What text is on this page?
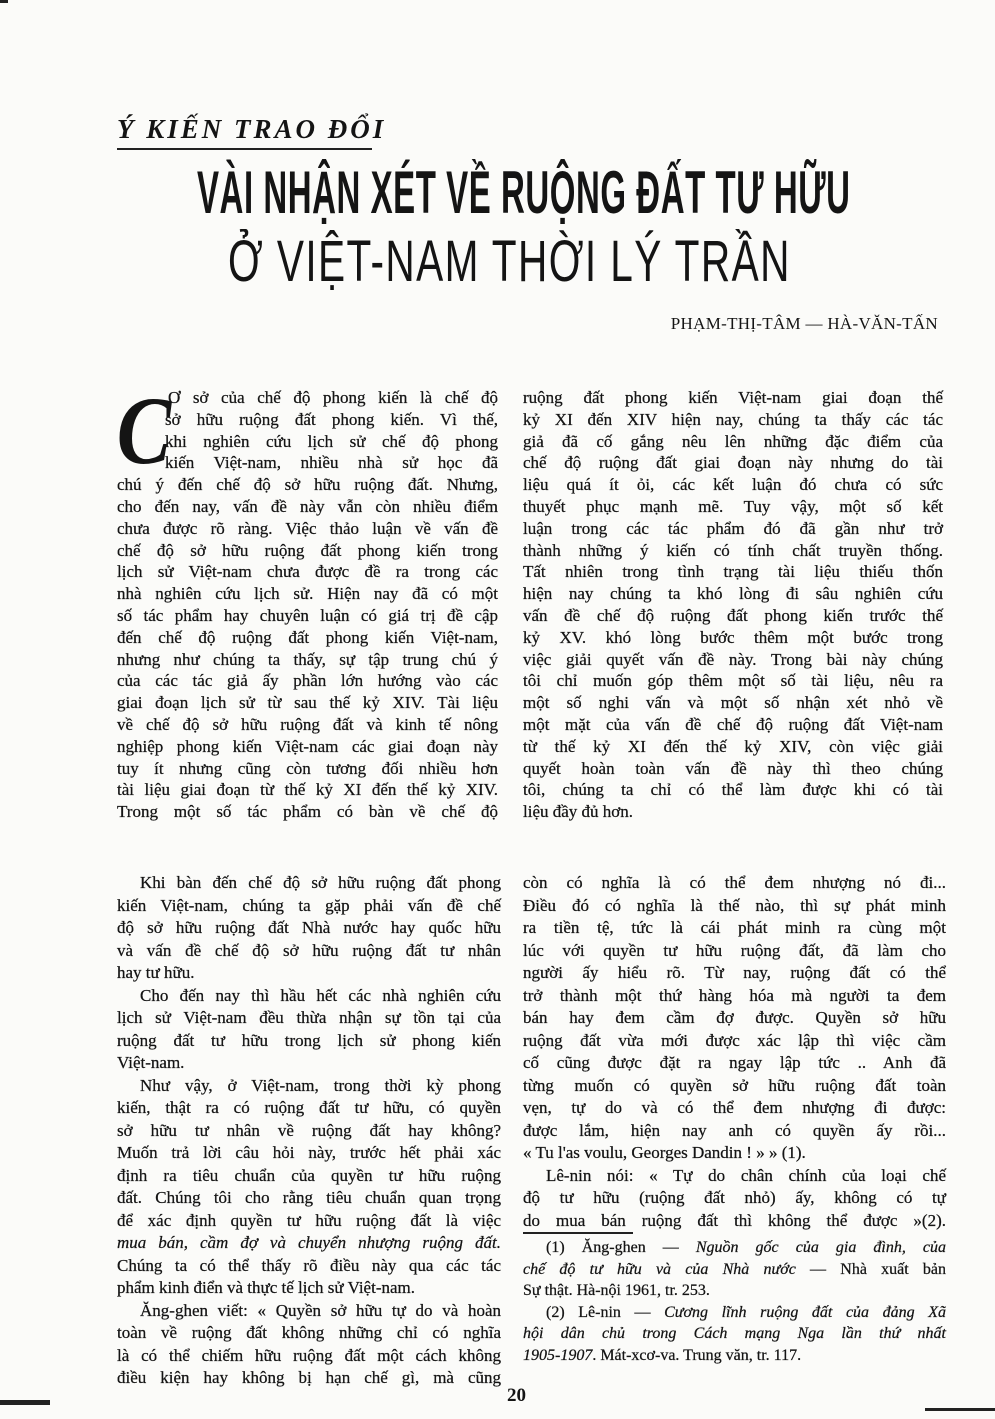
Ý KIẾN TRAO ĐỔI
VÀI NHẬN XÉT VỀ RUỘNG ĐẤT TƯ HỮU
Ở VIỆT-NAM THỜI LÝ TRẦN
PHẠM-THỊ-TÂM — HÀ-VĂN-TẤN
C
Ơ sở của chế độ phong kiến là chế độ
sở hữu ruộng đất phong kiến. Vì thế,
khi nghiên cứu lịch sử chế độ phong
kiến Việt-nam, nhiều nhà sử học đã
chú ý đến chế độ sở hữu ruộng đất. Nhưng,
cho đến nay, vấn đề này vẫn còn nhiều điểm
chưa được rõ ràng. Việc thảo luận về vấn đề
chế độ sở hữu ruộng đất phong kiến trong
lịch sử Việt-nam chưa được đề ra trong các
nhà nghiên cứu lịch sử. Hiện nay đã có một
số tác phẩm hay chuyên luận có giá trị đề cập
đến chế độ ruộng đất phong kiến Việt-nam,
nhưng như chúng ta thấy, sự tập trung chú ý
của các tác giả ấy phần lớn hướng vào các
giai đoạn lịch sử từ sau thế kỷ XIV. Tài liệu
về chế độ sở hữu ruộng đất và kinh tế nông
nghiệp phong kiến Việt-nam các giai đoạn này
tuy ít nhưng cũng còn tương đối nhiều hơn
tài liệu giai đoạn từ thế kỷ XI đến thế kỷ XIV.
Trong một số tác phẩm có bàn về chế độ
ruộng đất phong kiến Việt-nam giai đoạn thế
kỷ XI đến XIV hiện nay, chúng ta thấy các tác
giả đã cố gắng nêu lên những đặc điểm của
chế độ ruộng đất giai đoạn này nhưng do tài
liệu quá ít ỏi, các kết luận đó chưa có sức
thuyết phục mạnh mẽ. Tuy vậy, một số kết
luận trong các tác phẩm đó đã gần như trở
thành những ý kiến có tính chất truyền thống.
Tất nhiên trong tình trạng tài liệu thiếu thốn
hiện nay chúng ta khó lòng đi sâu nghiên cứu
vấn đề chế độ ruộng đất phong kiến trước thế
kỷ XV. khó lòng bước thêm một bước trong
việc giải quyết vấn đề này. Trong bài này chúng
tôi chỉ muốn góp thêm một số tài liệu, nêu ra
một số nghi vấn và một số nhận xét nhỏ về
một mặt của vấn đề chế độ ruộng đất Việt-nam
từ thế kỷ XI đến thế kỷ XIV, còn việc giải
quyết hoàn toàn vấn đề này thì theo chúng
tôi, chúng ta chỉ có thể làm được khi có tài
liệu đầy đủ hơn.
Khi bàn đến chế độ sở hữu ruộng đất phong
kiến Việt-nam, chúng ta gặp phải vấn đề chế
độ sở hữu ruộng đất Nhà nước hay quốc hữu
và vấn đề chế độ sở hữu ruộng đất tư nhân
hay tư hữu.
Cho đến nay thì hầu hết các nhà nghiên cứu
lịch sử Việt-nam đều thừa nhận sự tồn tại của
ruộng đất tư hữu trong lịch sử phong kiến
Việt-nam.
Như vậy, ở Việt-nam, trong thời kỳ phong
kiến, thật ra có ruộng đất tư hữu, có quyền
sở hữu tư nhân về ruộng đất hay không?
Muốn trả lời câu hỏi này, trước hết phải xác
định ra tiêu chuẩn của quyền tư hữu ruộng
đất. Chúng tôi cho rằng tiêu chuẩn quan trọng
để xác định quyền tư hữu ruộng đất là việc
mua bán, cầm đợ và chuyển nhượng ruộng đất.
Chúng ta có thể thấy rõ điều này qua các tác
phẩm kinh điển và thực tế lịch sử Việt-nam.
Ăng-ghen viết: « Quyền sở hữu tự do và hoàn
toàn về ruộng đất không những chỉ có nghĩa
là có thể chiếm hữu ruộng đất một cách không
điều kiện hay không bị hạn chế gì, mà cũng
còn có nghĩa là có thể đem nhượng nó đi...
Điều đó có nghĩa là thế nào, thì sự phát minh
ra tiền tệ, tức là cái phát minh ra cùng một
lúc với quyền tư hữu ruộng đất, đã làm cho
người ấy hiểu rõ. Từ nay, ruộng đất có thể
trở thành một thứ hàng hóa mà người ta đem
bán hay đem cầm đợ được. Quyền sở hữu
ruộng đất vừa mới được xác lập thì việc cầm
cố cũng được đặt ra ngay lập tức .. Anh đã
từng muốn có quyền sở hữu ruộng đất toàn
vẹn, tự do và có thể đem nhượng đi được:
được lắm, hiện nay anh có quyền ấy rồi...
« Tu l'as voulu, Georges Dandin ! » » (1).
Lê-nin nói: « Tự do chân chính của loại chế
độ tư hữu (ruộng đất nhỏ) ấy, không có tự
do mua bán ruộng đất thì không thể được »(2).
(1) Ăng-ghen — Nguồn gốc của gia đình, của
chế độ tư hữu và của Nhà nước — Nhà xuất bản
Sự thật. Hà-nội 1961, tr. 253.
(2) Lê-nin — Cương lĩnh ruộng đất của đảng Xã
hội dân chủ trong Cách mạng Nga lần thứ nhất
1905-1907. Mát-xcơ-va. Trung văn, tr. 117.
20
